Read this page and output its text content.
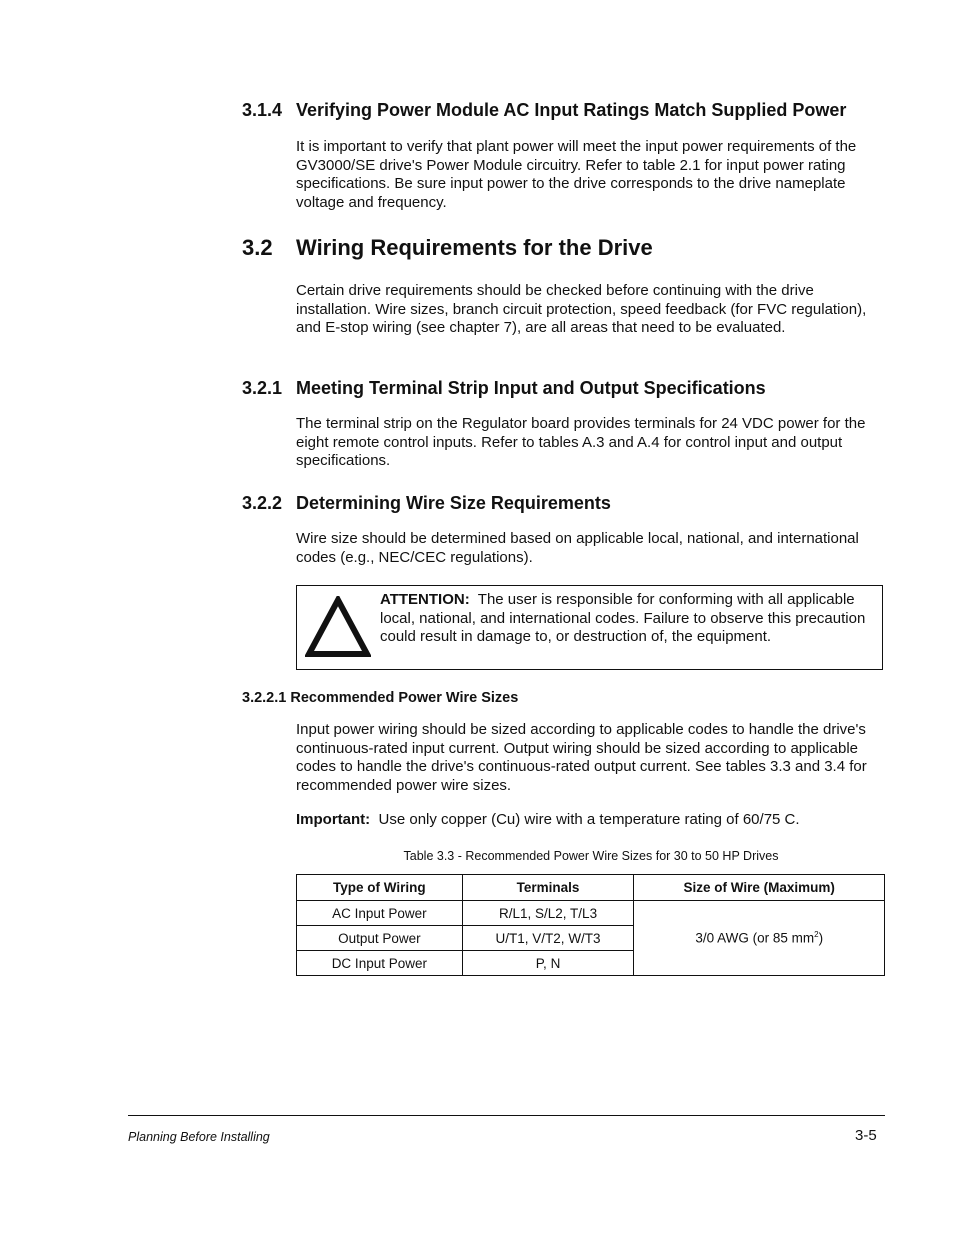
3.1.4 Verifying Power Module AC Input Ratings Match Supplied Power
It is important to verify that plant power will meet the input power requirements of the GV3000/SE drive's Power Module circuitry. Refer to table 2.1 for input power rating specifications. Be sure input power to the drive corresponds to the drive nameplate voltage and frequency.
3.2 Wiring Requirements for the Drive
Certain drive requirements should be checked before continuing with the drive installation. Wire sizes, branch circuit protection, speed feedback (for FVC regulation), and E-stop wiring (see chapter 7), are all areas that need to be evaluated.
3.2.1 Meeting Terminal Strip Input and Output Specifications
The terminal strip on the Regulator board provides terminals for 24 VDC power for the eight remote control inputs. Refer to tables A.3 and A.4 for control input and output specifications.
3.2.2 Determining Wire Size Requirements
Wire size should be determined based on applicable local, national, and international codes (e.g., NEC/CEC regulations).
ATTENTION: The user is responsible for conforming with all applicable local, national, and international codes. Failure to observe this precaution could result in damage to, or destruction of, the equipment.
3.2.2.1 Recommended Power Wire Sizes
Input power wiring should be sized according to applicable codes to handle the drive's continuous-rated input current. Output wiring should be sized according to applicable codes to handle the drive's continuous-rated output current. See tables 3.3 and 3.4 for recommended power wire sizes.
Important: Use only copper (Cu) wire with a temperature rating of 60/75 C.
Table 3.3 - Recommended Power Wire Sizes for 30 to 50 HP Drives
Type of Wiring	Terminals	Size of Wire (Maximum)
AC Input Power	R/L1, S/L2, T/L3	3/0 AWG (or 85 $mm^2$)
Output Power	U/T1, V/T2, W/T3	
DC Input Power	P, N	
Planning Before Installing	3-5
